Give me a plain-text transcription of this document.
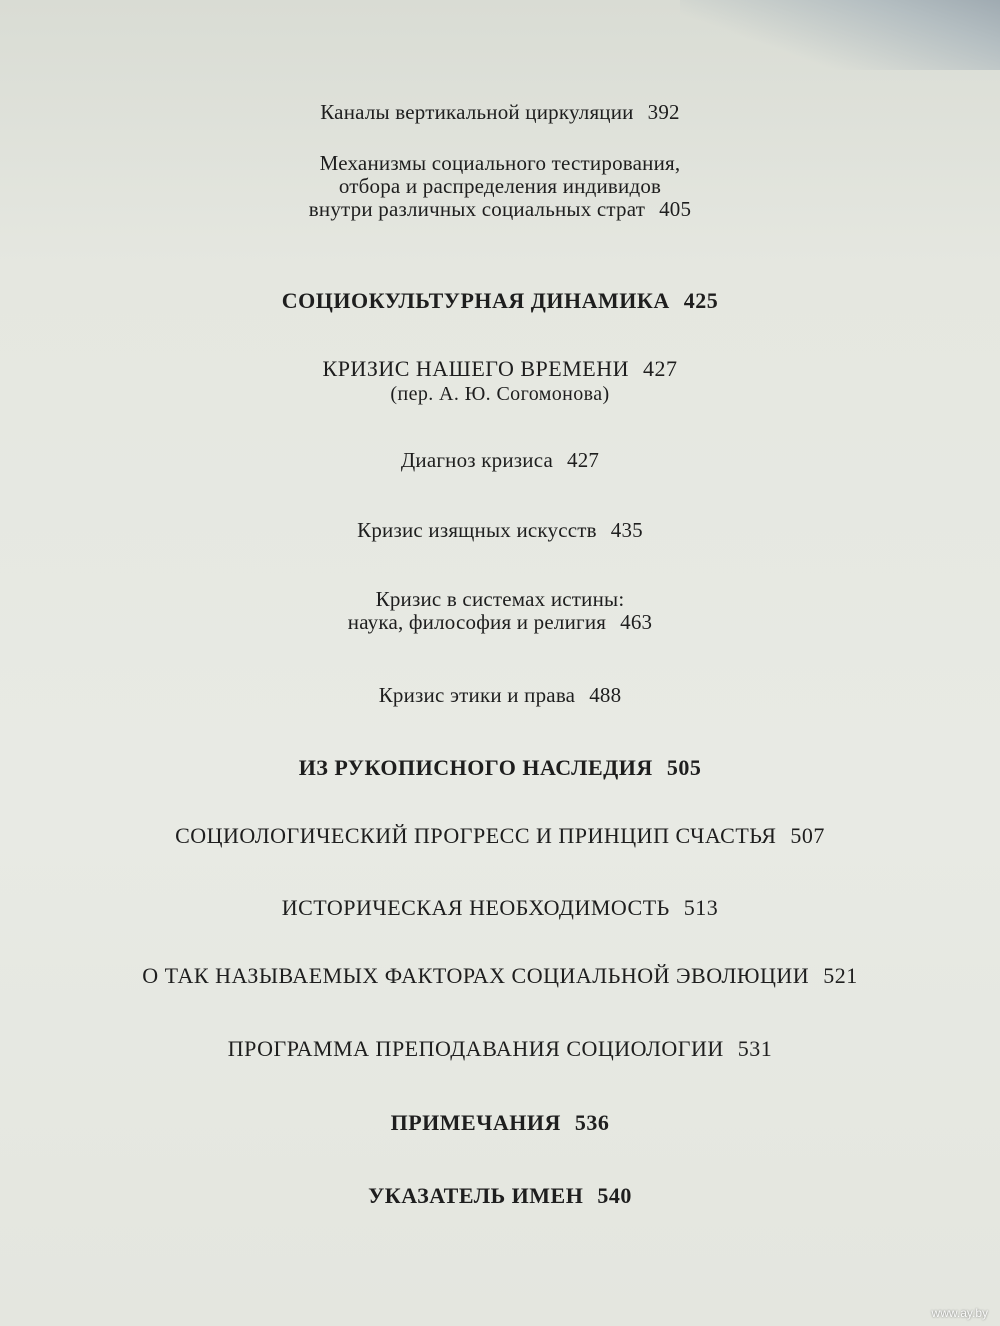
Каналы вертикальной циркуляции 392
Механизмы социального тестирования,
отбора и распределения индивидов
внутри различных социальных страт 405
СОЦИОКУЛЬТУРНАЯ ДИНАМИКА 425
КРИЗИС НАШЕГО ВРЕМЕНИ 427
(пер. А. Ю. Согомонова)
Диагноз кризиса 427
Кризис изящных искусств 435
Кризис в системах истины:
наука, философия и религия 463
Кризис этики и права 488
ИЗ РУКОПИСНОГО НАСЛЕДИЯ 505
СОЦИОЛОГИЧЕСКИЙ ПРОГРЕСС И ПРИНЦИП СЧАСТЬЯ 507
ИСТОРИЧЕСКАЯ НЕОБХОДИМОСТЬ 513
О ТАК НАЗЫВАЕМЫХ ФАКТОРАХ СОЦИАЛЬНОЙ ЭВОЛЮЦИИ 521
ПРОГРАММА ПРЕПОДАВАНИЯ СОЦИОЛОГИИ 531
ПРИМЕЧАНИЯ 536
УКАЗАТЕЛЬ ИМЕН 540
www.ay.by
